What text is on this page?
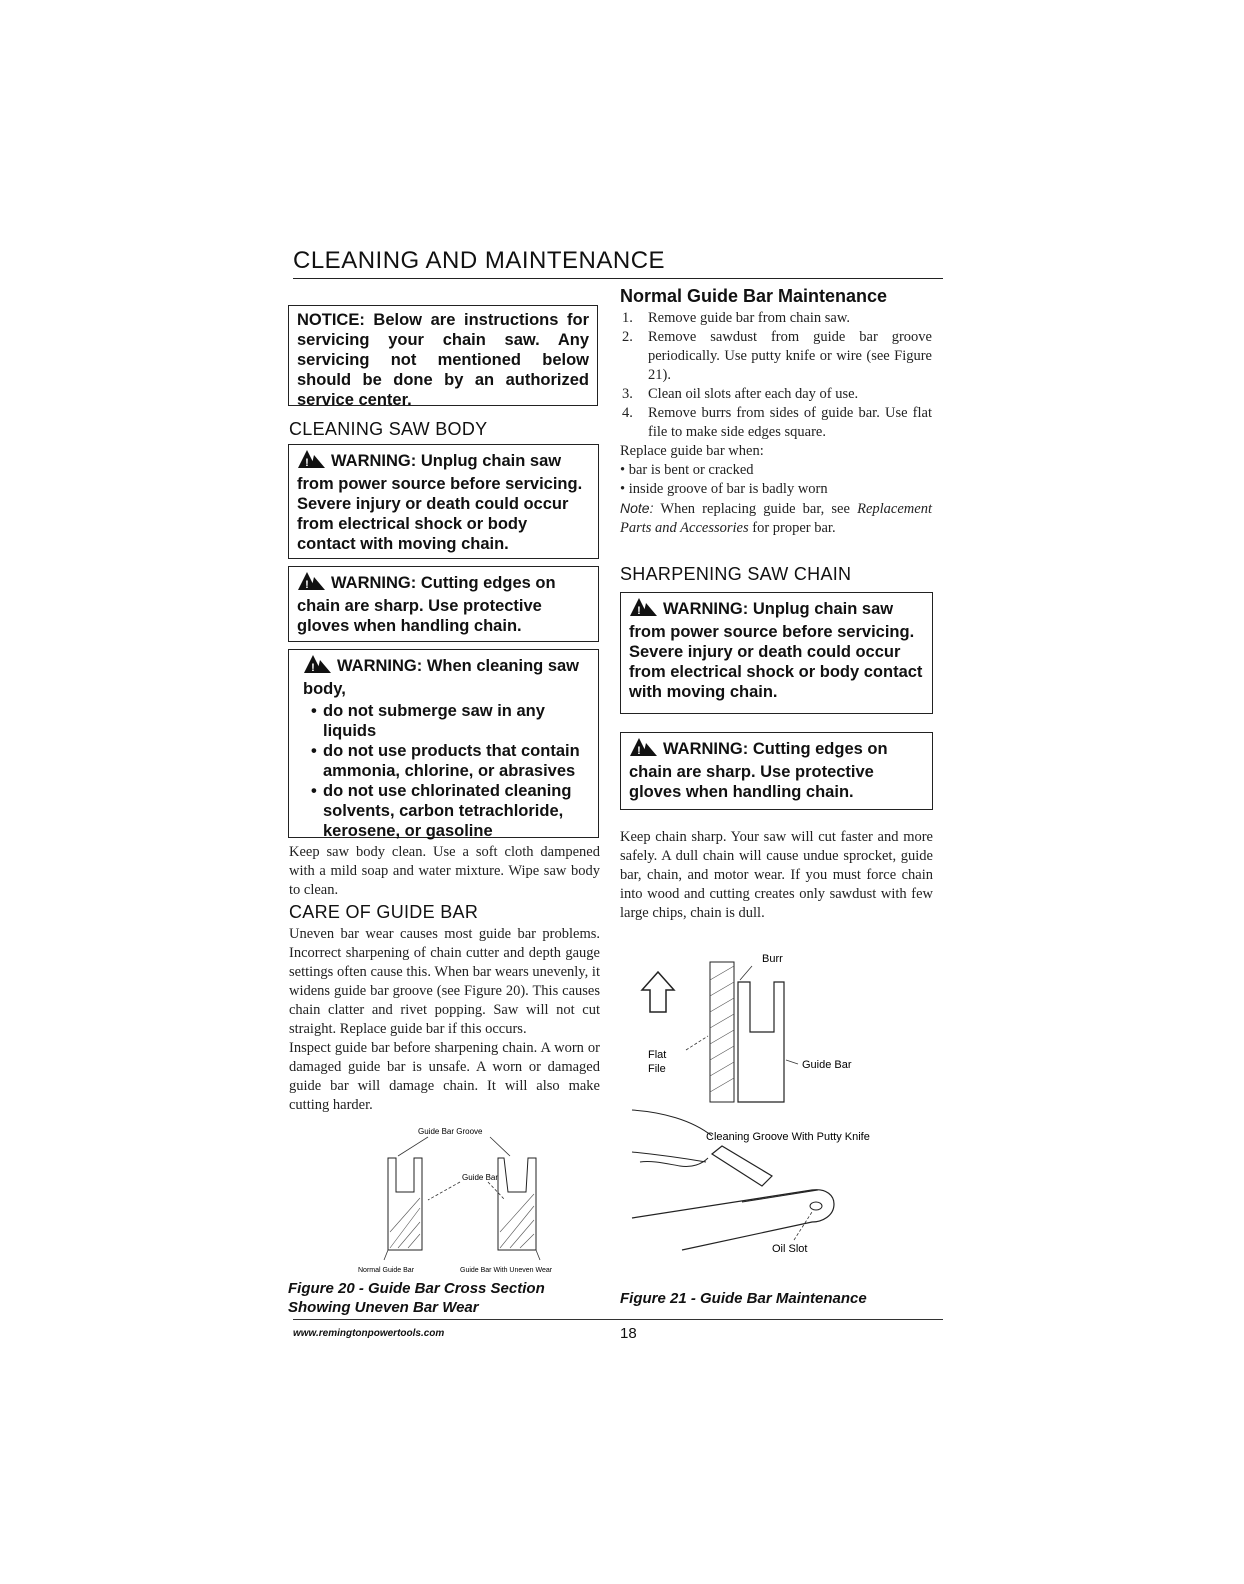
CLEANING AND MAINTENANCE
NOTICE: Below are instructions for servicing your chain saw. Any servicing not mentioned below should be done by an authorized service center.
CLEANING SAW BODY
! WARNING: Unplug chain saw from power source before servicing. Severe injury or death could occur from electrical shock or body contact with moving chain.
! WARNING: Cutting edges on chain are sharp. Use protective gloves when handling chain.
! WARNING: When cleaning saw body,
• do not submerge saw in any liquids
• do not use products that contain ammonia, chlorine, or abrasives
• do not use chlorinated cleaning solvents, carbon tetrachloride, kerosene, or gasoline

Keep saw body clean. Use a soft cloth dampened with a mild soap and water mixture. Wipe saw body to clean.

CARE OF GUIDE BAR

Uneven bar wear causes most guide bar problems. Incorrect sharpening of chain cutter and depth gauge settings often cause this. When bar wears unevenly, it widens guide bar groove (see Figure 20). This causes chain clatter and rivet popping. Saw will not cut straight. Replace guide bar if this occurs.

Inspect guide bar before sharpening chain. A worn or damaged guide bar is unsafe. A worn or damaged guide bar will damage chain. It will also make cutting harder.

Guide Bar Groove
Guide Bar
Normal Guide Bar	Guide Bar With Uneven Wear
Figure 20 - Guide Bar Cross Section Showing Uneven Bar Wear
Normal Guide Bar Maintenance
1. Remove guide bar from chain saw.
2. Remove sawdust from guide bar groove periodically. Use putty knife or wire (see Figure 21).
3. Clean oil slots after each day of use.
4. Remove burrs from sides of guide bar. Use flat file to make side edges square.

Replace guide bar when:

• bar is bent or cracked
• inside groove of bar is badly worn

Note: When replacing guide bar, see Replacement Parts and Accessories for proper bar.

SHARPENING SAW CHAIN
! WARNING: Unplug chain saw from power source before servicing. Severe injury or death could occur from electrical shock or body contact with moving chain.
! WARNING: Cutting edges on chain are sharp. Use protective gloves when handling chain.

Keep chain sharp. Your saw will cut faster and more safely. A dull chain will cause undue sprocket, guide bar, chain, and motor wear. If you must force chain into wood and cutting creates only sawdust with few large chips, chain is dull.

Burr
Flat
File	Guide Bar
Cleaning Groove With Putty Knife
Oil Slot
Figure 21 - Guide Bar Maintenance
www.remingtonpowertools.com	18
